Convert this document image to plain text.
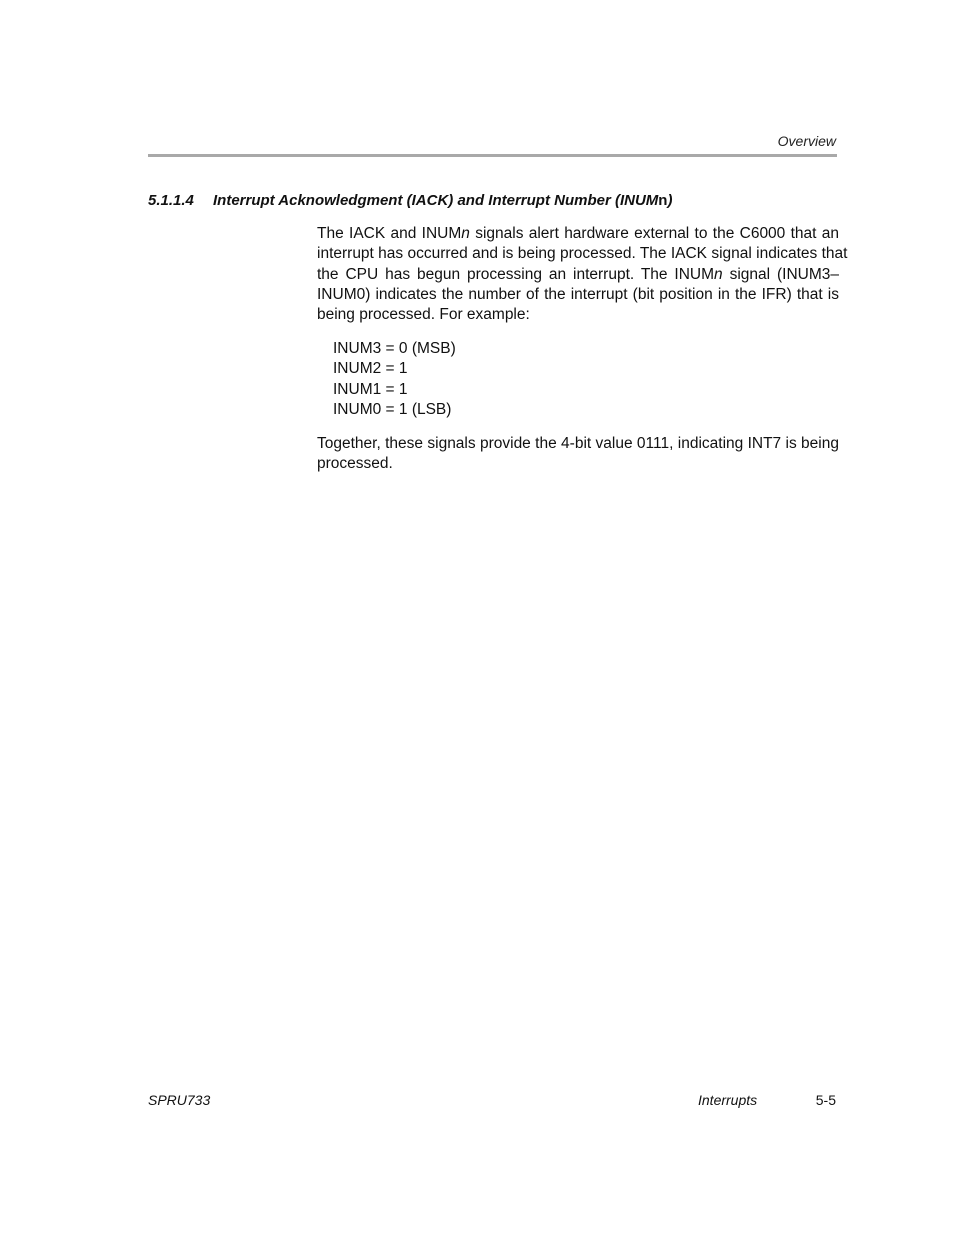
Overview
5.1.1.4 Interrupt Acknowledgment (IACK) and Interrupt Number (INUMn)
The IACK and INUMn signals alert hardware external to the C6000 that an
interrupt has occurred and is being processed. The IACK signal indicates that
the CPU has begun processing an interrupt. The INUMn signal (INUM3–
INUM0) indicates the number of the interrupt (bit position in the IFR) that is
being processed. For example:
INUM3 = 0 (MSB)
INUM2 = 1
INUM1 = 1
INUM0 = 1 (LSB)
Together, these signals provide the 4-bit value 0111, indicating INT7 is being
processed.
SPRU733	Interrupts	5-5
